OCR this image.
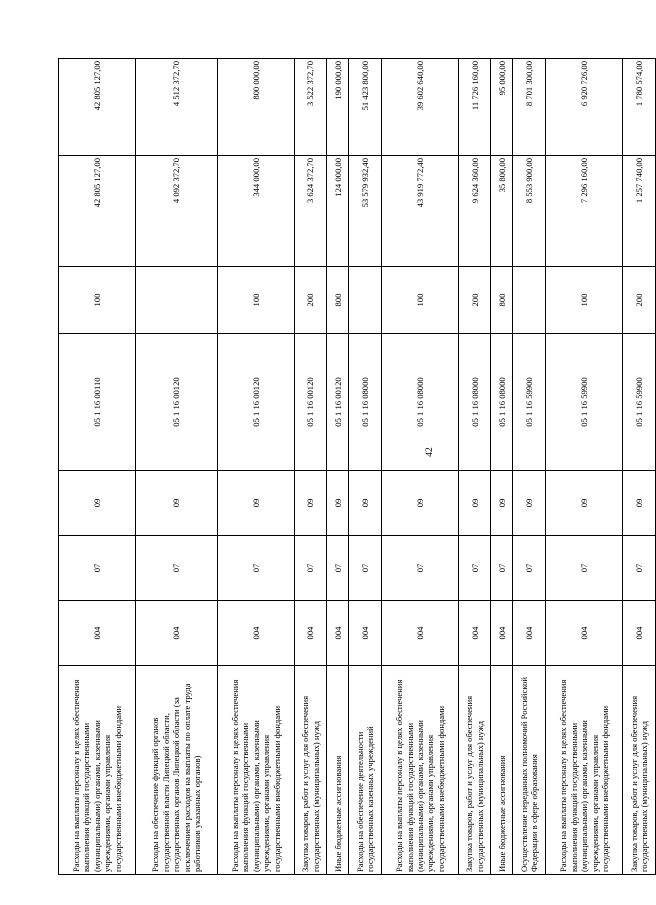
42
Расходы на выплаты персоналу в целях обеспечения выполнения функций государственными (муниципальными) органами, казенными учреждениями, органами управления государственными внебюджетными фондами	004	07	09	05 1 16 00110	100	42 805 127,00	42 805 127,00	
Расходы на обеспечение функций органов государственной власти Липецкой области, государственных органов Липецкой области (за исключением расходов на выплаты по оплате труда работников указанных органов)	004	07	09	05 1 16 00120		4 092 372,70	4 512 372,70	
Расходы на выплаты персоналу в целях обеспечения выполнения функций государственными (муниципальными) органами, казенными учреждениями, органами управления государственными внебюджетными фондами	004	07	09	05 1 16 00120	100	344 000,00	800 000,00	
Закупка товаров, работ и услуг для обеспечения государственных (муниципальных) нужд	004	07	09	05 1 16 00120	200	3 624 372,70	3 522 372,70	
Иные бюджетные ассигнования	004	07	09	05 1 16 00120	800	124 000,00	190 000,00	
Расходы на обеспечение деятельности государственных казенных учреждений	004	07	09	05 1 16 08000		53 579 932,40	51 423 800,00	
Расходы на выплаты персоналу в целях обеспечения выполнения функций государственными (муниципальными) органами, казенными учреждениями, органами управления государственными внебюджетными фондами	004	07	09	05 1 16 08000	100	43 919 772,40	39 602 640,00	
Закупка товаров, работ и услуг для обеспечения государственных (муниципальных) нужд	004	07	09	05 1 16 08000	200	9 624 360,00	11 726 160,00	
Иные бюджетные ассигнования	004	07	09	05 1 16 08000	800	35 800,00	95 000,00	
Осуществление переданных полномочий Российской Федерации в сфере образования	004	07	09	05 1 16 59900		8 553 900,00	8 701 300,00	
Расходы на выплаты персоналу в целях обеспечения выполнения функций государственными (муниципальными) органами, казенными учреждениями, органами управления государственными внебюджетными фондами	004	07	09	05 1 16 59900	100	7 296 160,00	6 920 726,00	
Закупка товаров, работ и услуг для обеспечения государственных (муниципальных) нужд	004	07	09	05 1 16 59900	200	1 257 740,00	1 780 574,00	
